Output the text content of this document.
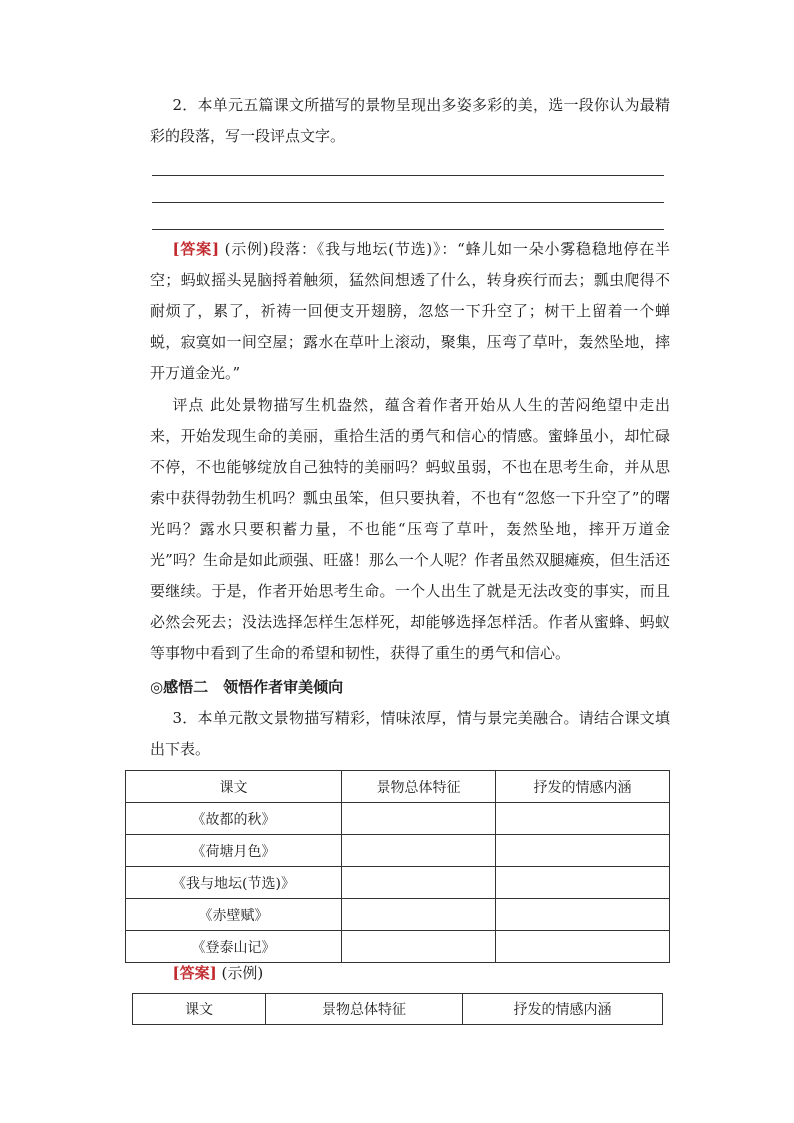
2．本单元五篇课文所描写的景物呈现出多姿多彩的美，选一段你认为最精彩的段落，写一段评点文字。

[答案] (示例)段落：《我与地坛(节选)》：“蜂儿如一朵小雾稳稳地停在半空；蚂蚁摇头晃脑捋着触须，猛然间想透了什么，转身疾行而去；瓢虫爬得不耐烦了，累了，祈祷一回便支开翅膀，忽悠一下升空了；树干上留着一个蝉蜕，寂寞如一间空屋；露水在草叶上滚动，聚集，压弯了草叶，轰然坠地，摔开万道金光。”

评点 此处景物描写生机盎然，蕴含着作者开始从人生的苦闷绝望中走出来，开始发现生命的美丽，重拾生活的勇气和信心的情感。蜜蜂虽小，却忙碌不停，不也能够绽放自己独特的美丽吗？蚂蚁虽弱，不也在思考生命，并从思索中获得勃勃生机吗？瓢虫虽笨，但只要执着，不也有“忽悠一下升空了”的曙光吗？露水只要积蓄力量，不也能“压弯了草叶，轰然坠地，摔开万道金光”吗？生命是如此顽强、旺盛！那么一个人呢？作者虽然双腿瘫痪，但生活还要继续。于是，作者开始思考生命。一个人出生了就是无法改变的事实，而且必然会死去；没法选择怎样生怎样死，却能够选择怎样活。作者从蜜蜂、蚂蚁等事物中看到了生命的希望和韧性，获得了重生的勇气和信心。

◎感悟二　领悟作者审美倾向

3．本单元散文景物描写精彩，情味浓厚，情与景完美融合。请结合课文填出下表。

课文	景物总体特征	抒发的情感内涵
《故都的秋》		
《荷塘月色》		
《我与地坛(节选)》		
《赤壁赋》		
《登泰山记》		

[答案] (示例)

课文	景物总体特征	抒发的情感内涵
